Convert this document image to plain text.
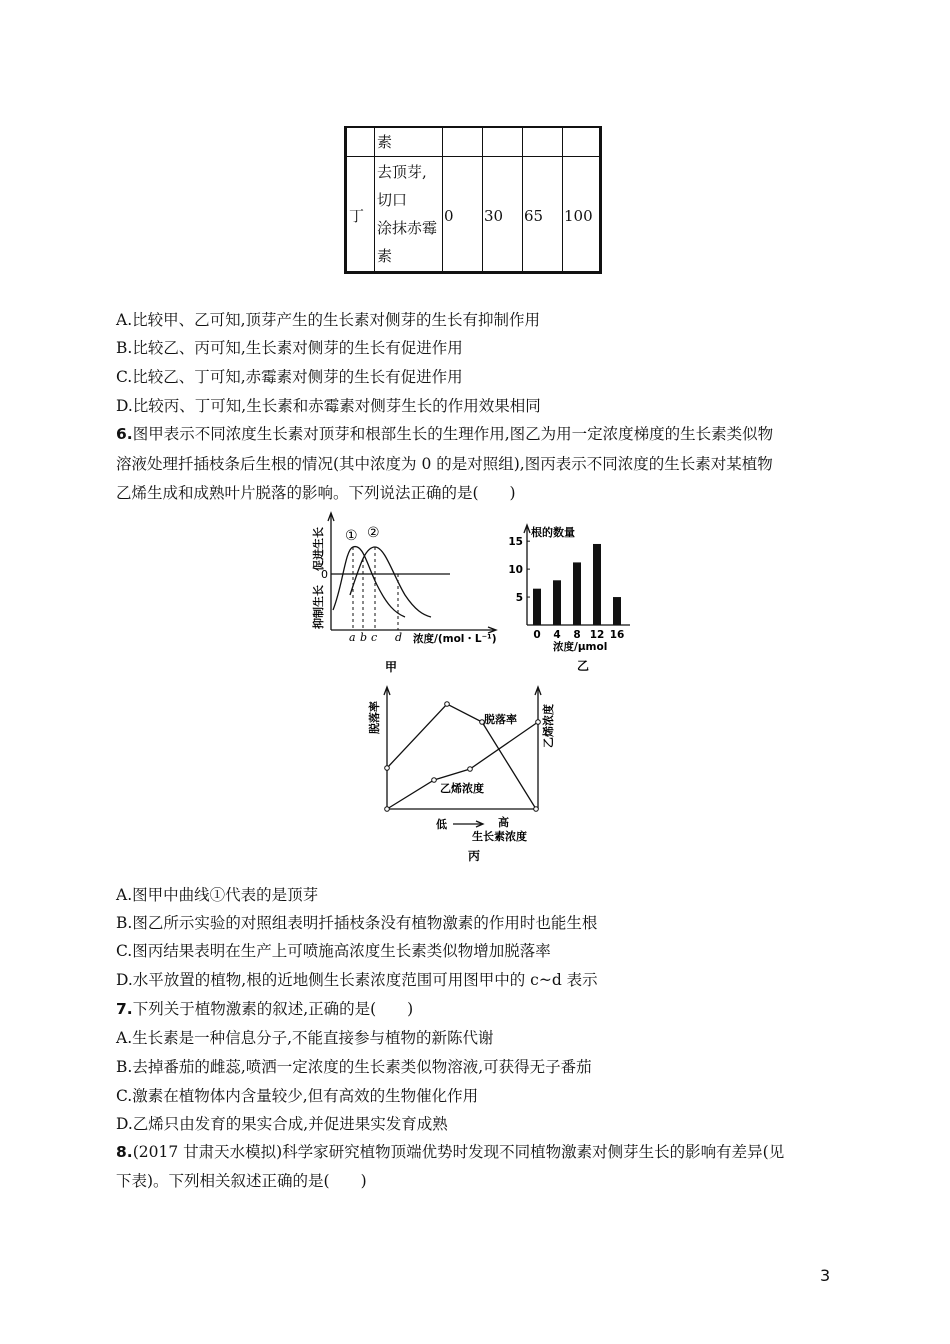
素
丁
去顶芽,
切口
涂抹赤霉
素
0 30 65 100
A.比较甲、乙可知,顶芽产生的生长素对侧芽的生长有抑制作用
B.比较乙、丙可知,生长素对侧芽的生长有促进作用
C.比较乙、丁可知,赤霉素对侧芽的生长有促进作用
D.比较丙、丁可知,生长素和赤霉素对侧芽生长的作用效果相同
6.图甲表示不同浓度生长素对顶芽和根部生长的生理作用,图乙为用一定浓度梯度的生长素类似物
溶液处理扦插枝条后生根的情况(其中浓度为 0 的是对照组),图丙表示不同浓度的生长素对某植物
乙烯生成和成熟叶片脱落的影响。下列说法正确的是(　　)
① ②
0
a b c d 浓度/(mol・L⁻¹)
促进生长
抑制生长
甲
根的数量
5
10
15
0 4 8 12 16
浓度/μmol
乙
脱落率
乙烯浓度
脱落率	乙烯浓度
低	高
生长素浓度
丙
A.图甲中曲线①代表的是顶芽
B.图乙所示实验的对照组表明扦插枝条没有植物激素的作用时也能生根
C.图丙结果表明在生产上可喷施高浓度生长素类似物增加脱落率
D.水平放置的植物,根的近地侧生长素浓度范围可用图甲中的 c~d 表示
7.下列关于植物激素的叙述,正确的是(　　)
A.生长素是一种信息分子,不能直接参与植物的新陈代谢
B.去掉番茄的雌蕊,喷洒一定浓度的生长素类似物溶液,可获得无子番茄
C.激素在植物体内含量较少,但有高效的生物催化作用
D.乙烯只由发育的果实合成,并促进果实发育成熟
8.(2017 甘肃天水模拟)科学家研究植物顶端优势时发现不同植物激素对侧芽生长的影响有差异(见
下表)。下列相关叙述正确的是(　　)
3
